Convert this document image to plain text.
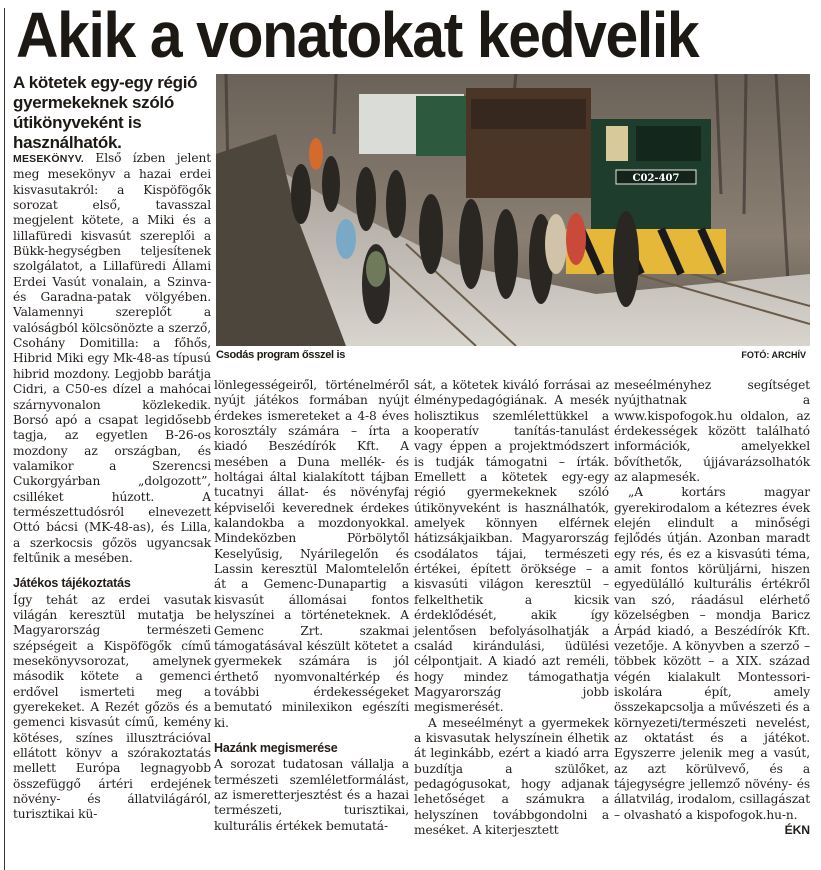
Akik a vonatokat kedvelik
A kötetek egy-egy régió gyermekeknek szóló útikönyveként is használhatók.

MESEKÖNYV. Első ízben jelent meg mesekönyv a hazai erdei kisvasutakról: a Kispöfögők sorozat első, tavasszal megjelent kötete, a Miki és a lillafüredi kisvasút szereplői a Bükk-hegységben teljesítenek szolgálatot, a Lillafüredi Állami Erdei Vasút vonalain, a Szinva- és Garadna-patak völgyében. Valamennyi szereplőt a valóságból kölcsönözte a szerző, Csohány Domitilla: a főhős, Hibrid Miki egy Mk-48-as típusú hibrid mozdony. Legjobb barátja Cidri, a C50-es dízel a mahócai szárnyvonalon közlekedik. Borsó apó a csapat legidősebb tagja, az egyetlen B-26-os mozdony az országban, és valamikor a Szerencsi Cukorgyárban „dolgozott”, csilléket húzott. A természettudósról elnevezett Ottó bácsi (MK-48-as), és Lilla, a szerkocsis gőzös ugyancsak feltűnik a mesében.

Játékos tájékoztatás

Így tehát az erdei vasutak világán keresztül mutatja be Magyarország természeti szépségeit a Kispöfögők című mesekönyvsorozat, amelynek második kötete a gemenci erdővel ismerteti meg a gyerekeket. A Rezét gőzös és a gemenci kisvasút című, kemény kötéses, színes illusztrációval ellátott könyv a szórakoztatás mellett Európa legnagyobb összefüggő ártéri erdejének növény- és állatvilágáról, turisztikai kü-

C02-407
Csodás program ősszel is	FOTÓ: ARCHÍV

lönlegességeiről, történelméről nyújt játékos formában nyújt érdekes ismereteket a 4-8 éves korosztály számára – írta a kiadó Beszédírók Kft. A mesében a Duna mellék- és holtágai által kialakított tájban tucatnyi állat- és növényfaj képviselői keverednek érdekes kalandokba a mozdonyokkal. Mindeközben Pörbölytől Keselyűsig, Nyárilegelőn és Lassin keresztül Malomtelelőn át a Gemenc-Dunapartig a kisvasút állomásai fontos helyszínei a történeteknek. A Gemenc Zrt. szakmai támogatásával készült kötetet a gyermekek számára is jól érthető nyomvonaltérkép és további érdekességeket bemutató minilexikon egészíti ki.

Hazánk megismerése

A sorozat tudatosan vállalja a természeti szemléletformálást, az ismeretterjesztést és a hazai természeti, turisztikai, kulturális értékek bemutatá-

sát, a kötetek kiváló forrásai az élménypedagógiának. A mesék holisztikus szemlélettükkel a kooperatív tanítás-tanulást vagy éppen a projektmódszert is tudják támogatni – írták. Emellett a kötetek egy-egy régió gyermekeknek szóló útikönyveként is használhatók, amelyek könnyen elférnek hátizsákjaikban. Magyarország csodálatos tájai, természeti értékei, épített öröksége – a kisvasúti világon keresztül – felkelthetik a kicsik érdeklődését, akik így jelentősen befolyásolhatják a család kirándulási, üdülési célpontjait. A kiadó azt reméli, hogy mindez támogathatja Magyarország jobb megismerését.

A meseélményt a gyermekek a kisvasutak helyszínein élhetik át leginkább, ezért a kiadó arra buzdítja a szülőket, pedagógusokat, hogy adjanak lehetőséget a számukra a helyszínen továbbgondolni a meséket. A kiterjesztett

meseélményhez segítséget nyújthatnak a www.kispofogok.hu oldalon, az érdekességek között található információk, amelyekkel bővíthetők, újjávarázsolhatók az alapmesék.

„A kortárs magyar gyerekirodalom a kétezres évek elején elindult a minőségi fejlődés útján. Azonban maradt egy rés, és ez a kisvasúti téma, amit fontos körüljárni, hiszen egyedülálló kulturális értékről van szó, ráadásul elérhető közelségben – mondja Baricz Árpád kiadó, a Beszédírók Kft. vezetője. A könyvben a szerző – többek között – a XIX. század végén kialakult Montessori-iskolára épít, amely összekapcsolja a művészeti és a környezeti/természeti nevelést, az oktatást és a játékot. Egyszerre jelenik meg a vasút, az azt körülvevő, és a tájegységre jellemző növény- és állatvilág, irodalom, csillagászat – olvasható a kispofogok.hu-n.
ÉKN
